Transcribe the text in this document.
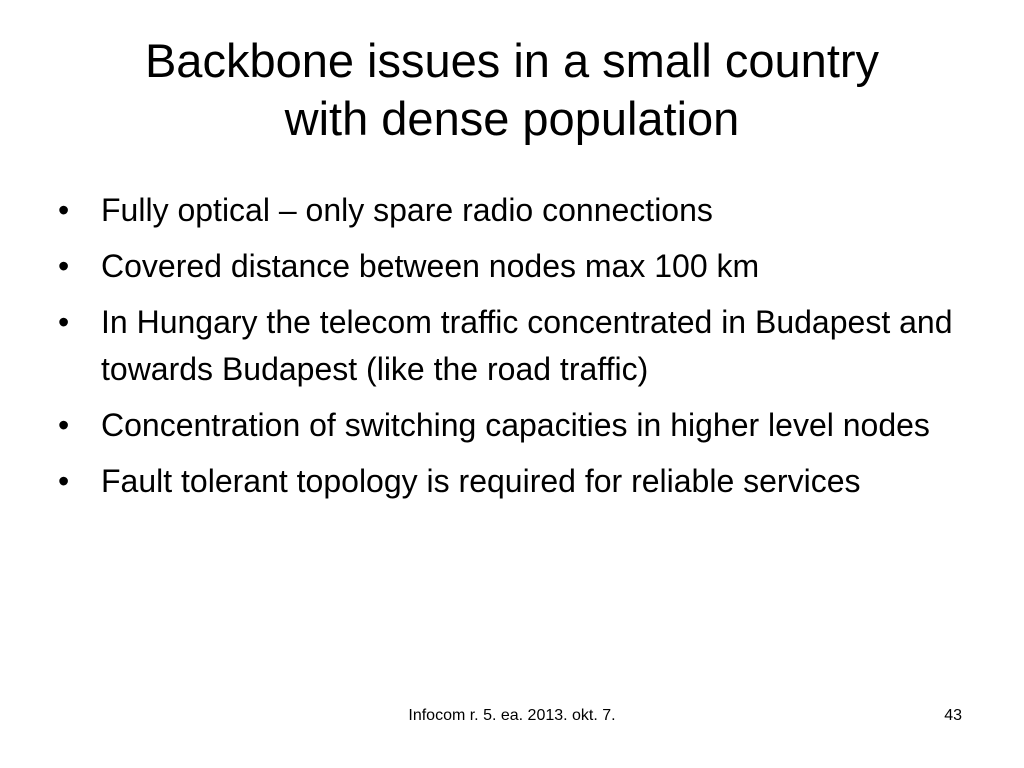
Backbone issues in a small country
with dense population
• Fully optical – only spare radio connections
• Covered distance between nodes max 100 km
• In Hungary the telecom traffic concentrated in Budapest and towards Budapest (like the road traffic)
• Concentration of switching capacities in higher level nodes
• Fault tolerant topology is required for reliable services
Infocom r. 5. ea. 2013. okt. 7.	43
